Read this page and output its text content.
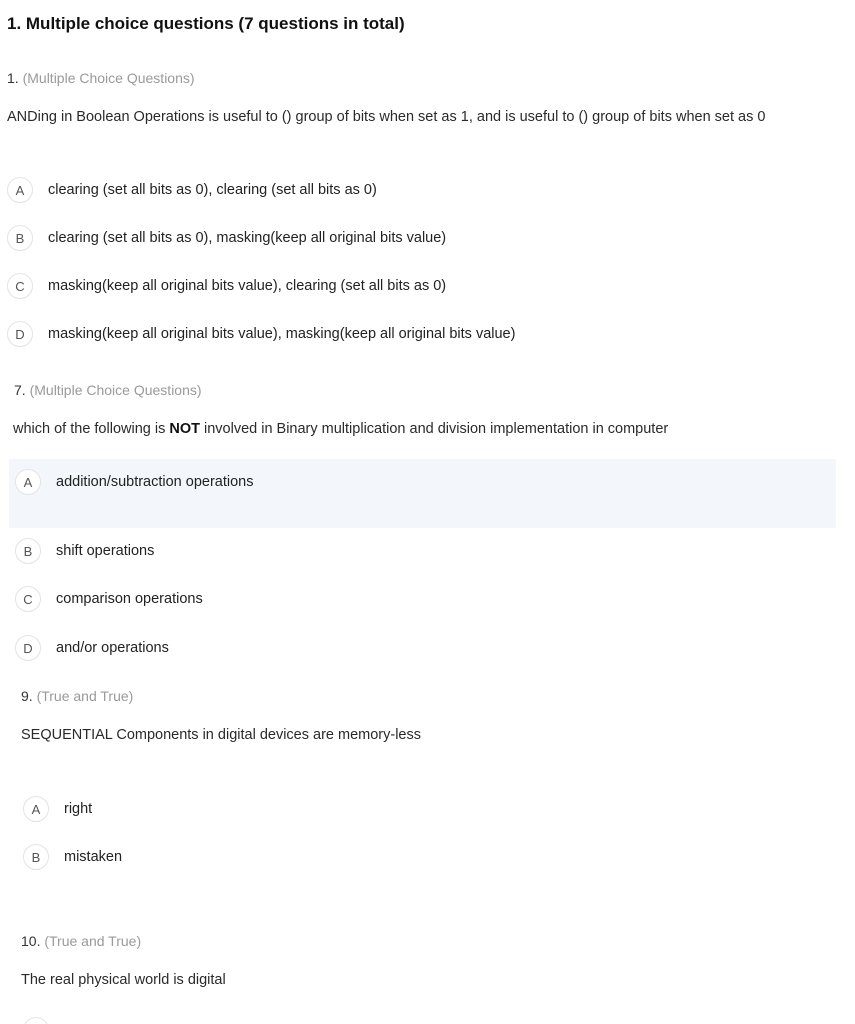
1. Multiple choice questions (7 questions in total)
1. (Multiple Choice Questions)
ANDing in Boolean Operations is useful to () group of bits when set as 1, and is useful to () group of bits when set as 0
A	clearing (set all bits as 0), clearing (set all bits as 0)
B	clearing (set all bits as 0), masking(keep all original bits value)
C	masking(keep all original bits value), clearing (set all bits as 0)
D	masking(keep all original bits value), masking(keep all original bits value)
7. (Multiple Choice Questions)
which of the following is NOT involved in Binary multiplication and division implementation in computer
A	addition/subtraction operations
B	shift operations
C	comparison operations
D	and/or operations
9. (True and True)
SEQUENTIAL Components in digital devices are memory-less
A	right
B	mistaken
10. (True and True)
The real physical world is digital
